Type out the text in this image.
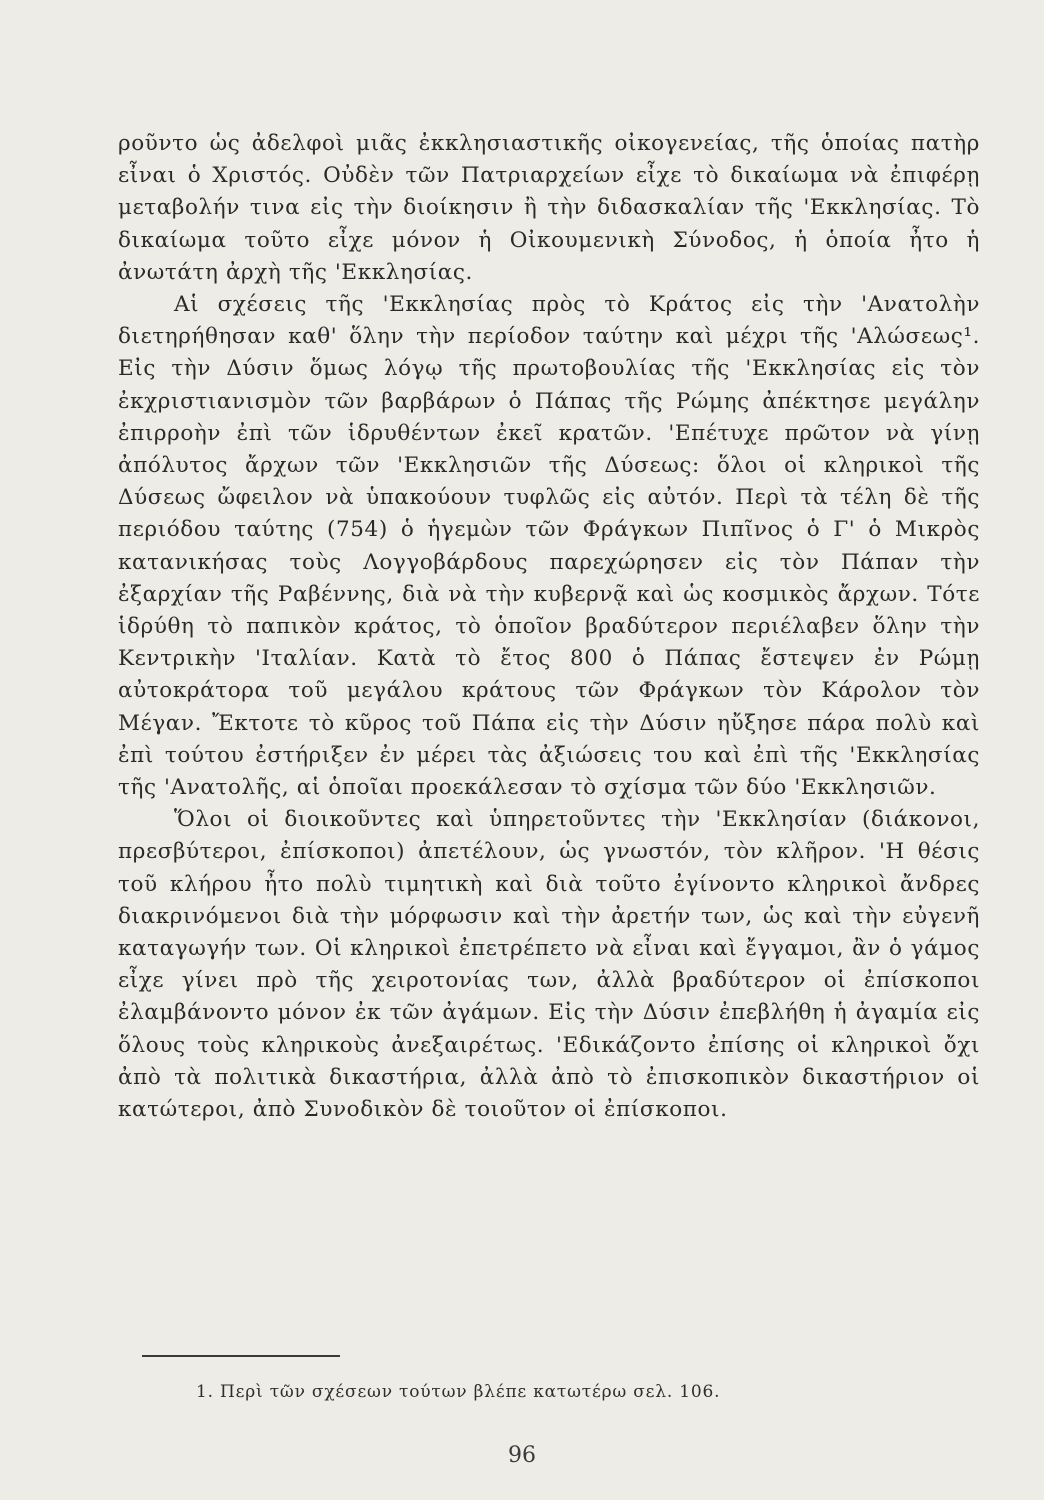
ροῦντο ὡς ἀδελφοὶ μιᾶς ἐκκλησιαστικῆς οἰκογενείας, τῆς ὁποίας πατὴρ εἶναι ὁ Χριστός. Οὐδὲν τῶν Πατριαρχείων εἶχε τὸ δικαίωμα νὰ ἐπιφέρῃ μεταβολήν τινα εἰς τὴν διοίκησιν ἢ τὴν διδασκαλίαν τῆς 'Εκκλησίας. Τὸ δικαίωμα τοῦτο εἶχε μόνον ἡ Οἰκουμενικὴ Σύνοδος, ἡ ὁποία ἦτο ἡ ἀνωτάτη ἀρχὴ τῆς 'Εκκλησίας.

Αἱ σχέσεις τῆς 'Εκκλησίας πρὸς τὸ Κράτος εἰς τὴν 'Ανατολὴν διετηρήθησαν καθ' ὅλην τὴν περίοδον ταύτην καὶ μέχρι τῆς 'Αλώσεως¹. Εἰς τὴν Δύσιν ὅμως λόγῳ τῆς πρωτοβουλίας τῆς 'Εκκλησίας εἰς τὸν ἐκχριστιανισμὸν τῶν βαρβάρων ὁ Πάπας τῆς Ρώμης ἀπέκτησε μεγάλην ἐπιρροὴν ἐπὶ τῶν ἱδρυθέντων ἐκεῖ κρατῶν. 'Επέτυχε πρῶτον νὰ γίνῃ ἀπόλυτος ἄρχων τῶν 'Εκκλησιῶν τῆς Δύσεως: ὅλοι οἱ κληρικοὶ τῆς Δύσεως ὤφειλον νὰ ὑπακούουν τυφλῶς εἰς αὐτόν. Περὶ τὰ τέλη δὲ τῆς περιόδου ταύτης (754) ὁ ἡγεμὼν τῶν Φράγκων Πιπῖνος ὁ Γ' ὁ Μικρὸς κατανικήσας τοὺς Λογγοβάρδους παρεχώρησεν εἰς τὸν Πάπαν τὴν ἐξαρχίαν τῆς Ραβέννης, διὰ νὰ τὴν κυβερνᾷ καὶ ὡς κοσμικὸς ἄρχων. Τότε ἱδρύθη τὸ παπικὸν κράτος, τὸ ὁποῖον βραδύτερον περιέλαβεν ὅλην τὴν Κεντρικὴν 'Ιταλίαν. Κατὰ τὸ ἔτος 800 ὁ Πάπας ἔστεψεν ἐν Ρώμῃ αὐτοκράτορα τοῦ μεγάλου κράτους τῶν Φράγκων τὸν Κάρολον τὸν Μέγαν. Ἔκτοτε τὸ κῦρος τοῦ Πάπα εἰς τὴν Δύσιν ηὔξησε πάρα πολὺ καὶ ἐπὶ τούτου ἐστήριξεν ἐν μέρει τὰς ἀξιώσεις του καὶ ἐπὶ τῆς 'Εκκλησίας τῆς 'Ανατολῆς, αἱ ὁποῖαι προεκάλεσαν τὸ σχίσμα τῶν δύο 'Εκκλησιῶν.

Ὅλοι οἱ διοικοῦντες καὶ ὑπηρετοῦντες τὴν 'Εκκλησίαν (διάκονοι, πρεσβύτεροι, ἐπίσκοποι) ἀπετέλουν, ὡς γνωστόν, τὸν κλῆρον. 'Η θέσις τοῦ κλήρου ἦτο πολὺ τιμητικὴ καὶ διὰ τοῦτο ἐγίνοντο κληρικοὶ ἄνδρες διακρινόμενοι διὰ τὴν μόρφωσιν καὶ τὴν ἀρετήν των, ὡς καὶ τὴν εὐγενῆ καταγωγήν των. Οἱ κληρικοὶ ἐπετρέπετο νὰ εἶναι καὶ ἔγγαμοι, ἂν ὁ γάμος εἶχε γίνει πρὸ τῆς χειροτονίας των, ἀλλὰ βραδύτερον οἱ ἐπίσκοποι ἐλαμβάνοντο μόνον ἐκ τῶν ἀγάμων. Εἰς τὴν Δύσιν ἐπεβλήθη ἡ ἀγαμία εἰς ὅλους τοὺς κληρικοὺς ἀνεξαιρέτως. 'Εδικάζοντο ἐπίσης οἱ κληρικοὶ ὄχι ἀπὸ τὰ πολιτικὰ δικαστήρια, ἀλλὰ ἀπὸ τὸ ἐπισκοπικὸν δικαστήριον οἱ κατώτεροι, ἀπὸ Συνοδικὸν δὲ τοιοῦτον οἱ ἐπίσκοποι.

1. Περὶ τῶν σχέσεων τούτων βλέπε κατωτέρω σελ. 106.
96
